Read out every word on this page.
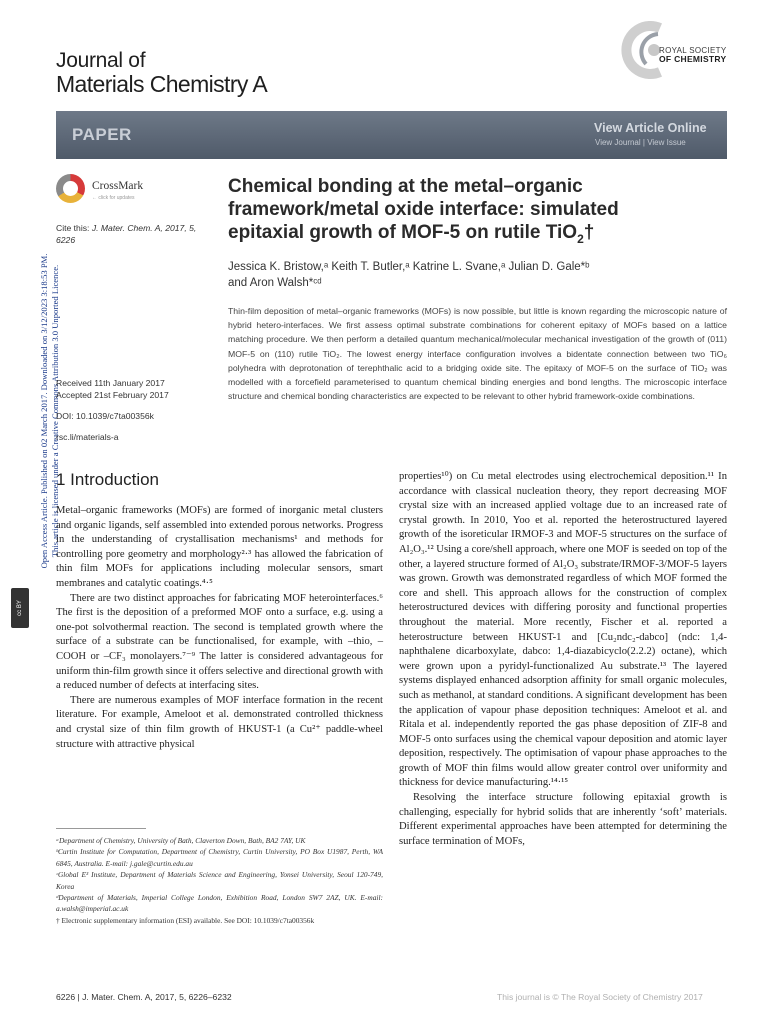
Journal of
Materials Chemistry A
ROYAL SOCIETY
OF CHEMISTRY
PAPER	View Article Online
View Journal | View Issue
Open Access Article. Published on 02 March 2017. Downloaded on 3/12/2023 3:18:53 PM. This article is licensed under a Creative Commons Attribution 3.0 Unported Licence.
cc BY
CrossMark
← click for updates
Cite this: J. Mater. Chem. A, 2017, 5, 6226
Received 11th January 2017
Accepted 21st February 2017
DOI: 10.1039/c7ta00356k
rsc.li/materials-a
Chemical bonding at the metal–organic
framework/metal oxide interface: simulated
epitaxial growth of MOF-5 on rutile TiO$_2$†
Jessica K. Bristow,ᵃ Keith T. Butler,ᵃ Katrine L. Svane,ᵃ Julian D. Gale*ᵇ
and Aron Walsh*ᶜᵈ
Thin-film deposition of metal–organic frameworks (MOFs) is now possible, but little is known regarding the microscopic nature of hybrid hetero-interfaces. We first assess optimal substrate combinations for coherent epitaxy of MOFs based on a lattice matching procedure. We then perform a detailed quantum mechanical/molecular mechanical investigation of the growth of (011) MOF-5 on (110) rutile TiO₂. The lowest energy interface configuration involves a bidentate connection between two TiO₆ polyhedra with deprotonation of terephthalic acid to a bridging oxide site. The epitaxy of MOF-5 on the surface of TiO₂ was modelled with a forcefield parameterised to quantum chemical binding energies and bond lengths. The microscopic interface structure and chemical bonding characteristics are expected to be relevant to other hybrid framework-oxide combinations.
1 Introduction

Metal–organic frameworks (MOFs) are formed of inorganic metal clusters and organic ligands, self assembled into extended porous networks. Progress in the understanding of crystallisation mechanisms¹ and methods for controlling pore geometry and morphology²·³ has allowed the fabrication of thin film MOFs for applications including molecular sensors, smart membranes and catalytic coatings.⁴·⁵

There are two distinct approaches for fabricating MOF heterointerfaces.⁶ The first is the deposition of a preformed MOF onto a surface, e.g. using a one-pot solvothermal reaction. The second is templated growth where the surface of a substrate can be functionalised, for example, with –thio, –COOH or –CF₃ monolayers.⁷⁻⁹ The latter is considered advantageous for uniform thin-film growth since it offers selective and directional growth with a reduced number of defects at interfacing sites.

There are numerous examples of MOF interface formation in the recent literature. For example, Ameloot et al. demonstrated controlled thickness and crystal size of thin film growth of HKUST-1 (a Cu²⁺ paddle-wheel structure with attractive physical

properties¹⁰) on Cu metal electrodes using electrochemical deposition.¹¹ In accordance with classical nucleation theory, they report decreasing MOF crystal size with an increased applied voltage due to an increased rate of crystal growth. In 2010, Yoo et al. reported the heterostructured layered growth of the isoreticular IRMOF-3 and MOF-5 structures on the surface of Al₂O₃.¹² Using a core/shell approach, where one MOF is seeded on top of the other, a layered structure formed of Al₂O₃ substrate/IRMOF-3/MOF-5 layers was grown. Growth was demonstrated regardless of which MOF formed the core and shell. This approach allows for the construction of complex heterostructured devices with differing porosity and functional properties throughout the material. More recently, Fischer et al. reported a heterostructure between HKUST-1 and [Cu₂ndc₂-dabco] (ndc: 1,4-naphthalene dicarboxylate, dabco: 1,4-diazabicyclo(2.2.2) octane), which were grown upon a pyridyl-functionalized Au substrate.¹³ The layered systems displayed enhanced adsorption affinity for small organic molecules, such as methanol, at standard conditions. A significant development has been the application of vapour phase deposition techniques: Ameloot et al. and Ritala et al. independently reported the gas phase deposition of ZIF-8 and MOF-5 onto surfaces using the chemical vapour deposition and atomic layer deposition, respectively. The optimisation of vapour phase approaches to the growth of MOF thin films would allow greater control over uniformity and thickness for device manufacturing.¹⁴·¹⁵

Resolving the interface structure following epitaxial growth is challenging, especially for hybrid solids that are inherently ‘soft’ materials. Different experimental approaches have been attempted for determining the surface termination of MOFs,

ᵃDepartment of Chemistry, University of Bath, Claverton Down, Bath, BA2 7AY, UK
ᵇCurtin Institute for Computation, Department of Chemistry, Curtin University, PO Box U1987, Perth, WA 6845, Australia. E-mail: j.gale@curtin.edu.au
ᶜGlobal E³ Institute, Department of Materials Science and Engineering, Yonsei University, Seoul 120-749, Korea
ᵈDepartment of Materials, Imperial College London, Exhibition Road, London SW7 2AZ, UK. E-mail: a.walsh@imperial.ac.uk
† Electronic supplementary information (ESI) available. See DOI: 10.1039/c7ta00356k
6226 | J. Mater. Chem. A, 2017, 5, 6226–6232	This journal is © The Royal Society of Chemistry 2017
